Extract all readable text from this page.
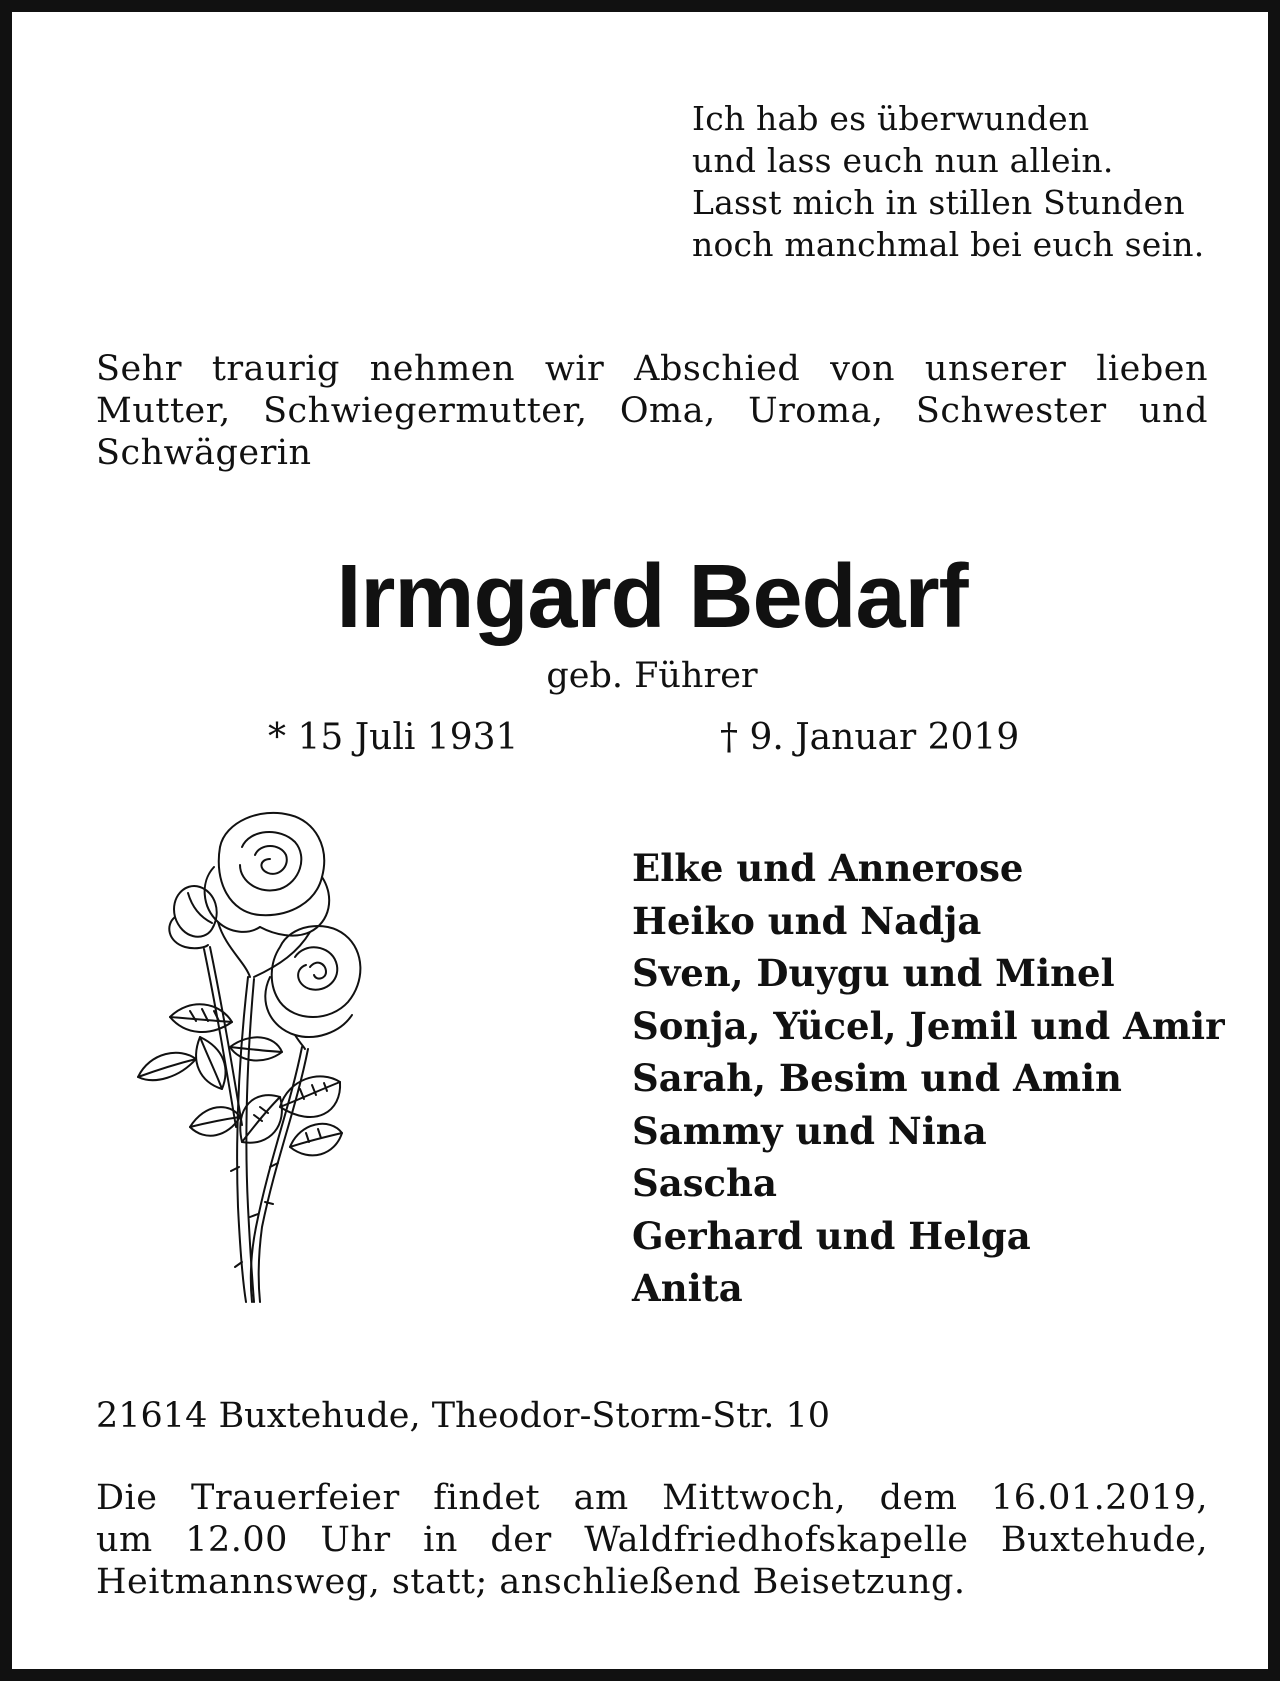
Ich hab es überwunden
und lass euch nun allein.
Lasst mich in stillen Stunden
noch manchmal bei euch sein.
Sehr traurig nehmen wir Abschied von unserer lieben
Mutter, Schwiegermutter, Oma, Uroma, Schwester und
Schwägerin
Irmgard Bedarf
geb. Führer
* 15 Juli 1931	† 9. Januar 2019
Elke und Annerose
Heiko und Nadja
Sven, Duygu und Minel
Sonja, Yücel, Jemil und Amir
Sarah, Besim und Amin
Sammy und Nina
Sascha
Gerhard und Helga
Anita
21614 Buxtehude, Theodor-Storm-Str. 10
Die Trauerfeier findet am Mittwoch, dem 16.01.2019,
um 12.00 Uhr in der Waldfriedhofskapelle Buxtehude,
Heitmannsweg, statt; anschließend Beisetzung.
